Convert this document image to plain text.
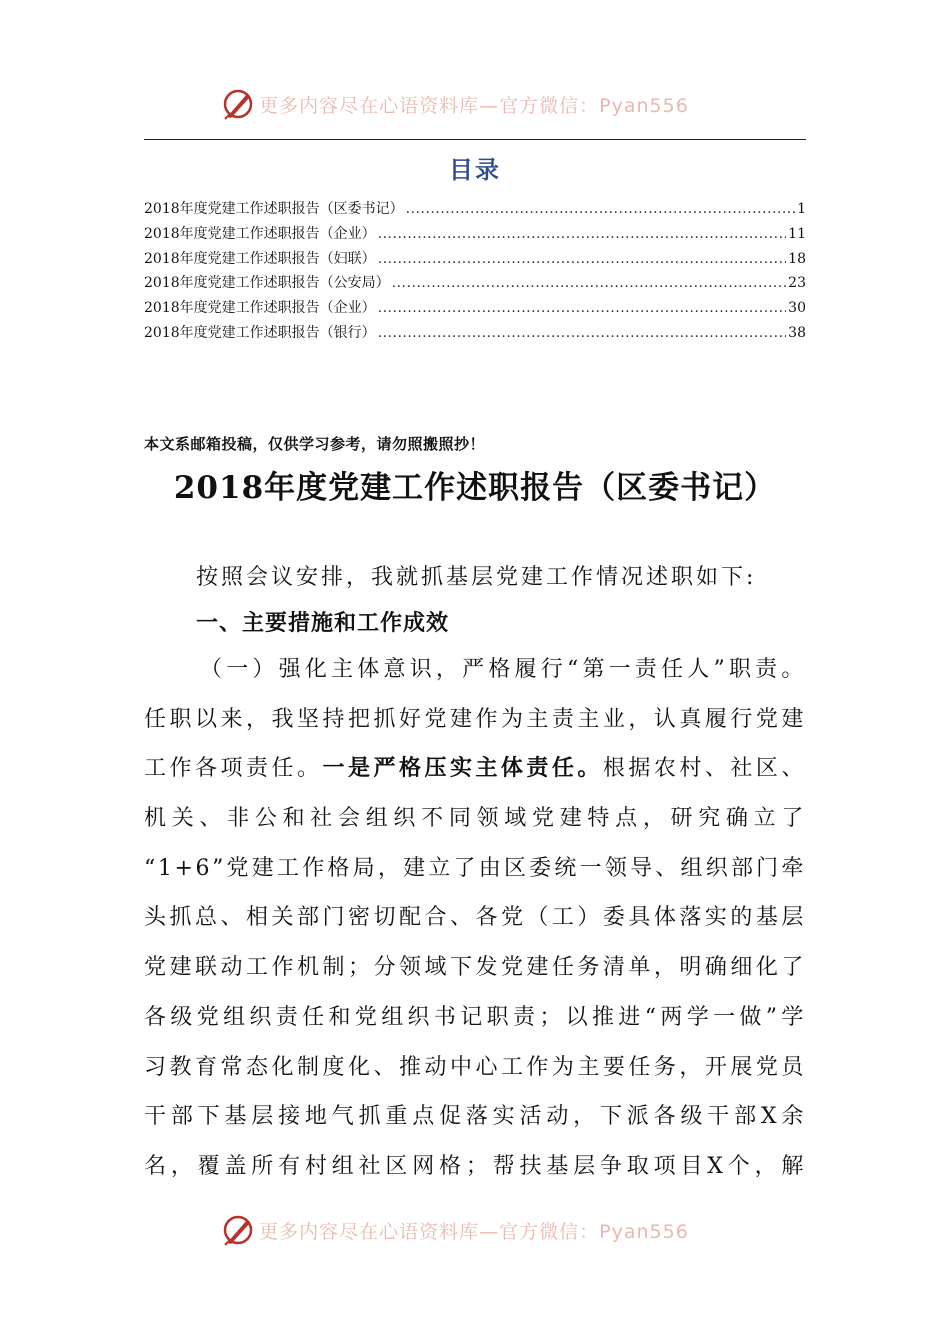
更多内容尽在心语资料库—官方微信：Pyan556
目录
2018年度党建工作述职报告（区委书记） .....	1
2018年度党建工作述职报告（企业） .....	11
2018年度党建工作述职报告（妇联） .....	18
2018年度党建工作述职报告（公安局） .....	23
2018年度党建工作述职报告（企业） .....	30
2018年度党建工作述职报告（银行） .....	38
本文系邮箱投稿，仅供学习参考，请勿照搬照抄！
2018年度党建工作述职报告（区委书记）
按照会议安排，我就抓基层党建工作情况述职如下:
一、主要措施和工作成效
（一）强化主体意识，严格履行“第一责任人”职责。
任职以来，我坚持把抓好党建作为主责主业，认真履行党建
工作各项责任。一是严格压实主体责任。根据农村、社区、
机关、非公和社会组织不同领域党建特点，研究确立了
“1+6”党建工作格局，建立了由区委统一领导、组织部门牵
头抓总、相关部门密切配合、各党（工）委具体落实的基层
党建联动工作机制；分领域下发党建任务清单，明确细化了
各级党组织责任和党组织书记职责；以推进“两学一做”学
习教育常态化制度化、推动中心工作为主要任务，开展党员
干部下基层接地气抓重点促落实活动，下派各级干部X余
名，覆盖所有村组社区网格；帮扶基层争取项目X个，解
更多内容尽在心语资料库—官方微信：Pyan556
